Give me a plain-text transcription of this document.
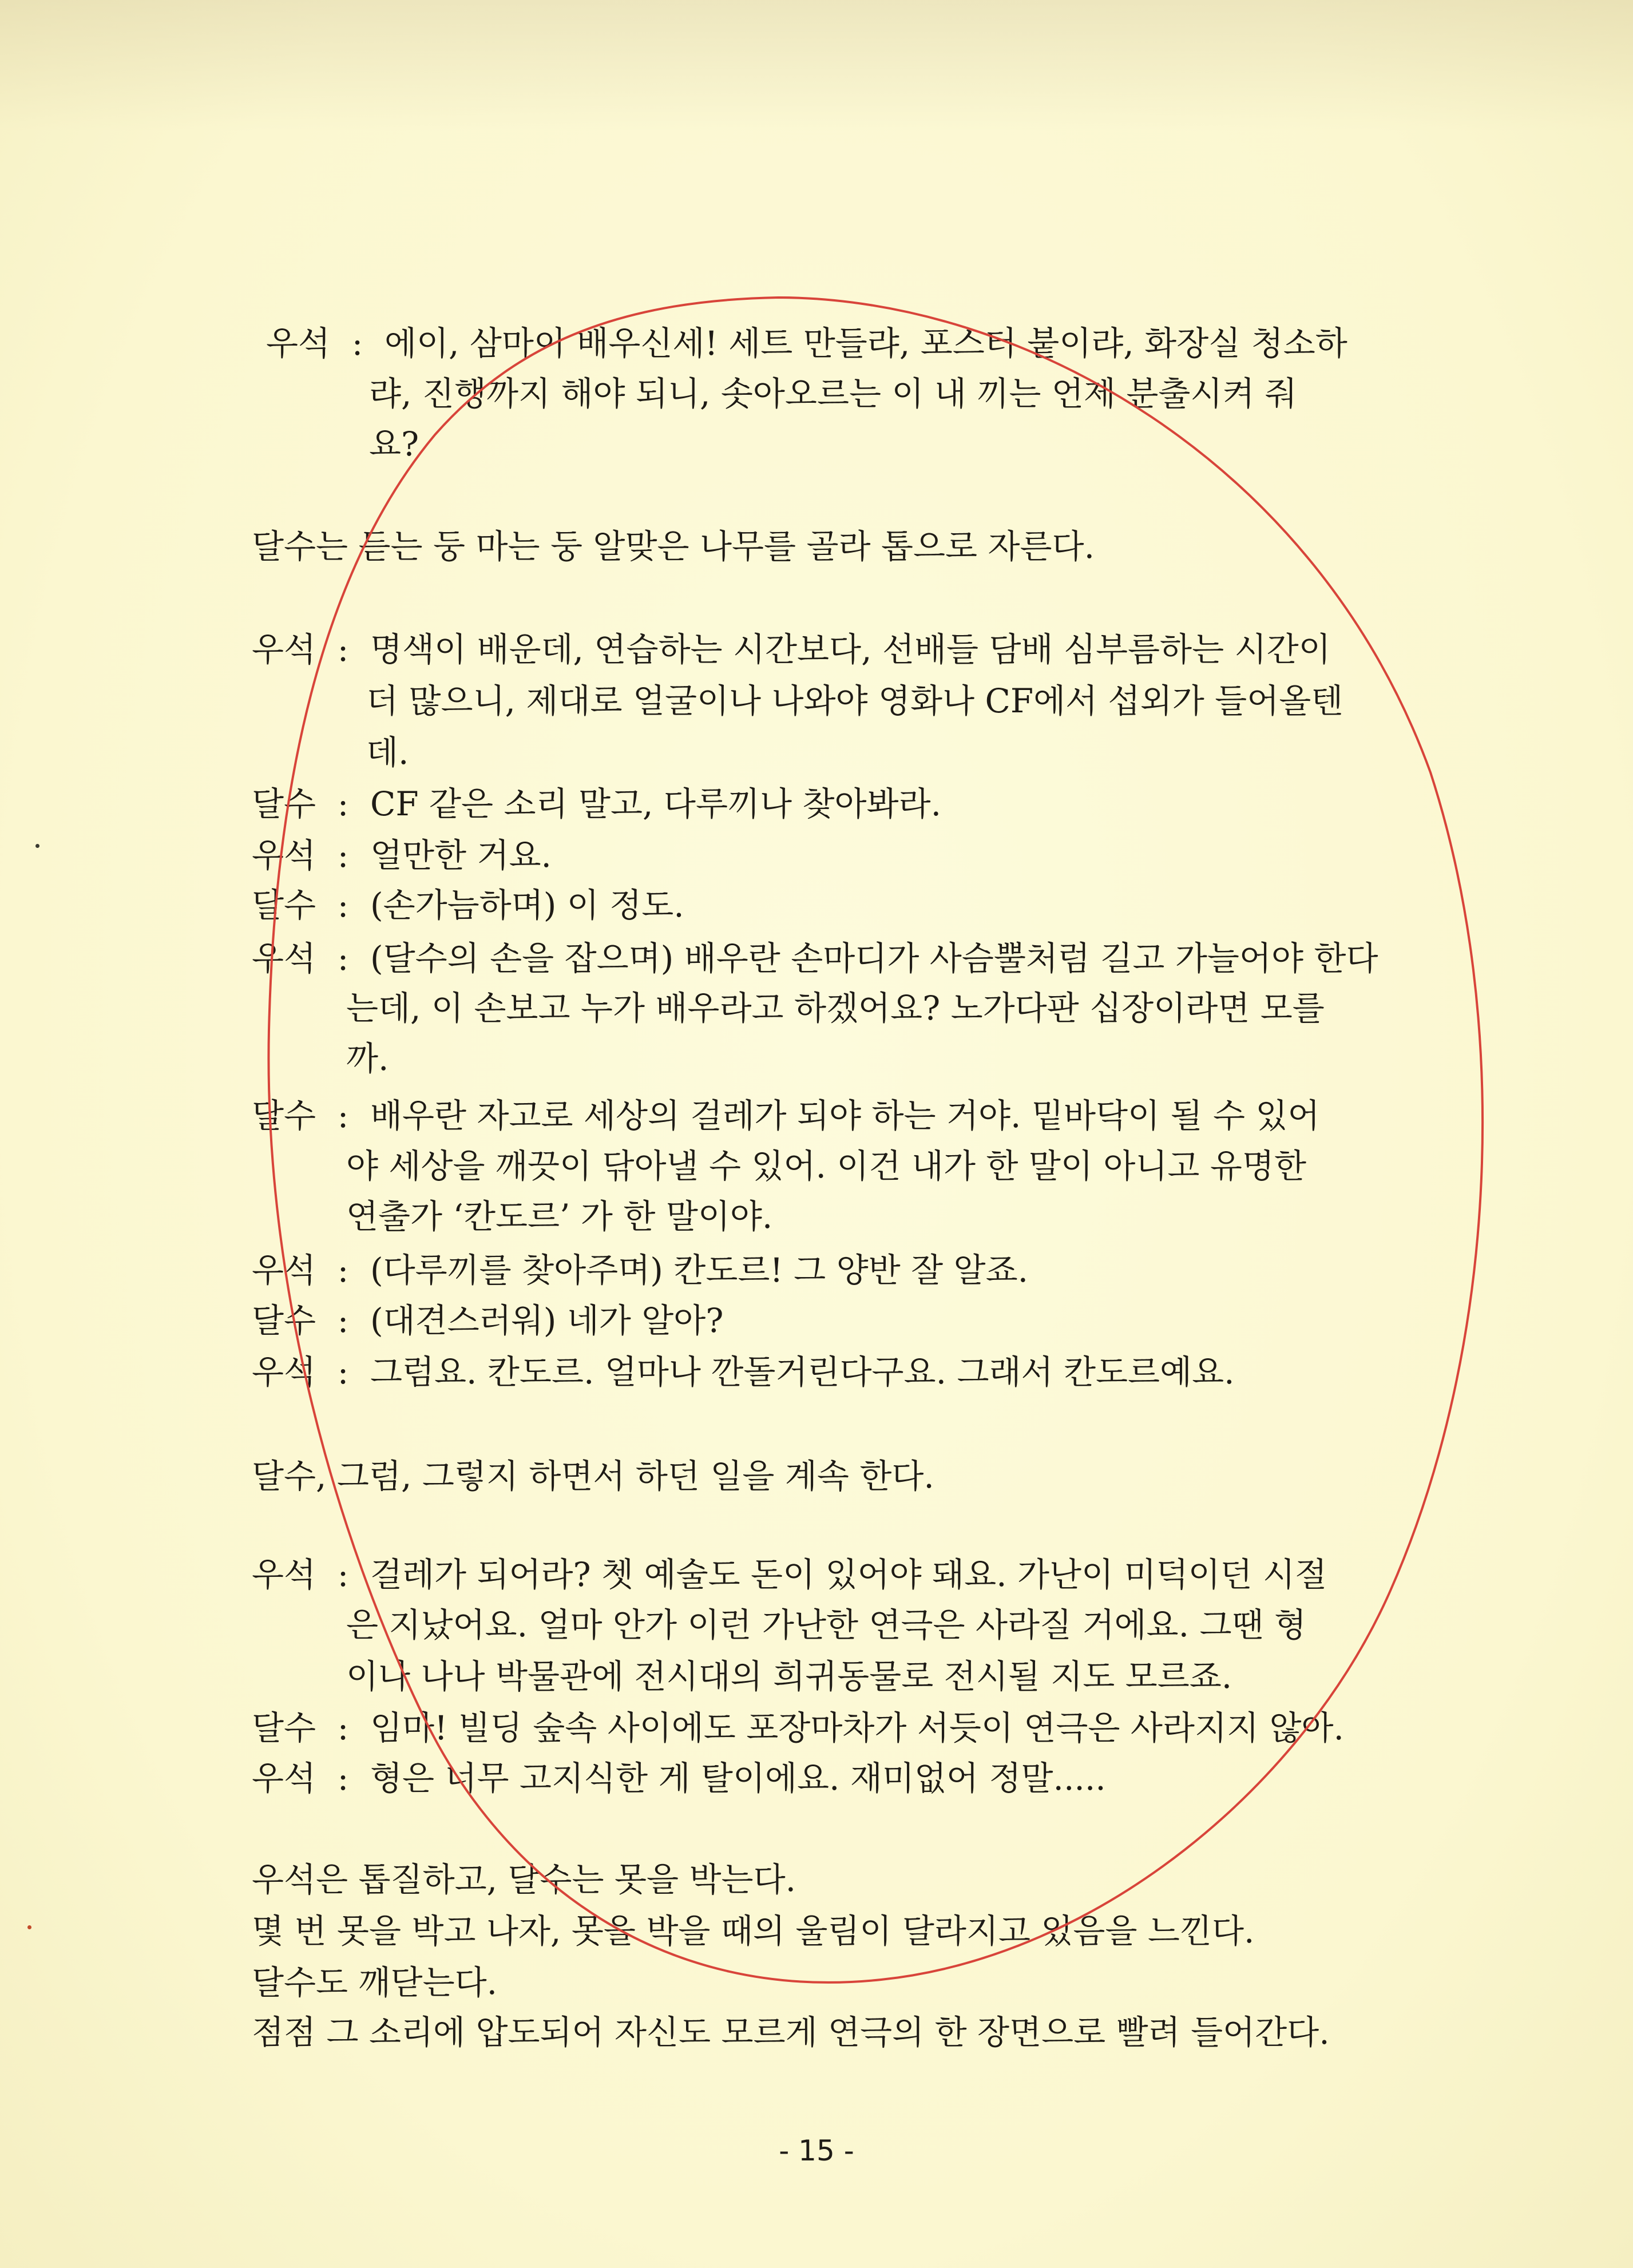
우석 : 에이, 삼마이 배우신세! 세트 만들랴, 포스터 붙이랴, 화장실 청소하
랴, 진행까지 해야 되니, 솟아오르는 이 내 끼는 언제 분출시켜 줘
요?
달수는 듣는 둥 마는 둥 알맞은 나무를 골라 톱으로 자른다.
우석 : 명색이 배운데, 연습하는 시간보다, 선배들 담배 심부름하는 시간이
더 많으니, 제대로 얼굴이나 나와야 영화나 CF에서 섭외가 들어올텐
데.
달수 : CF 같은 소리 말고, 다루끼나 찾아봐라.
우석 : 얼만한 거요.
달수 : (손가늠하며) 이 정도.
우석 : (달수의 손을 잡으며) 배우란 손마디가 사슴뿔처럼 길고 가늘어야 한다
는데, 이 손보고 누가 배우라고 하겠어요? 노가다판 십장이라면 모를
까.
달수 : 배우란 자고로 세상의 걸레가 되야 하는 거야. 밑바닥이 될 수 있어
야 세상을 깨끗이 닦아낼 수 있어. 이건 내가 한 말이 아니고 유명한
연출가 ‘칸도르’ 가 한 말이야.
우석 : (다루끼를 찾아주며) 칸도르! 그 양반 잘 알죠.
달수 : (대견스러워) 네가 알아?
우석 : 그럼요. 칸도르. 얼마나 깐돌거린다구요. 그래서 칸도르예요.
달수, 그럼, 그렇지 하면서 하던 일을 계속 한다.
우석 : 걸레가 되어라? 쳇 예술도 돈이 있어야 돼요. 가난이 미덕이던 시절
은 지났어요. 얼마 안가 이런 가난한 연극은 사라질 거에요. 그땐 형
이나 나나 박물관에 전시대의 희귀동물로 전시될 지도 모르죠.
달수 : 임마! 빌딩 숲속 사이에도 포장마차가 서듯이 연극은 사라지지 않아.
우석 : 형은 너무 고지식한 게 탈이에요. 재미없어 정말.....
우석은 톱질하고, 달수는 못을 박는다.
몇 번 못을 박고 나자, 못을 박을 때의 울림이 달라지고 있음을 느낀다.
달수도 깨닫는다.
점점 그 소리에 압도되어 자신도 모르게 연극의 한 장면으로 빨려 들어간다.
- 15 -
